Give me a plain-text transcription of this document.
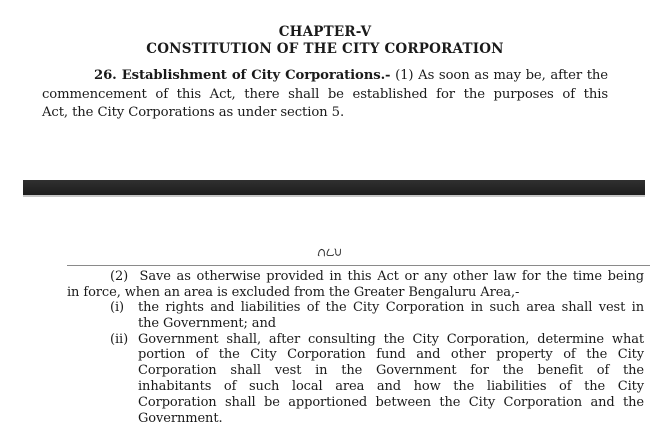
CHAPTER-V
CONSTITUTION OF THE CITY CORPORATION
26. Establishment of City Corporations.- (1) As soon as may be, after the
commencement of this Act, there shall be established for the purposes of this
Act, the City Corporations as under section 5.
(2)  Save as otherwise provided in this Act or any other law for the time being
in force, when an area is excluded from the Greater Bengaluru Area,-
(i)	the rights and liabilities of the City Corporation in such area shall vest in
the Government; and
(ii) Government shall, after consulting the City Corporation, determine what
portion of the City Corporation fund and other property of the City
Corporation shall vest in the Government for the benefit of the
inhabitants of such local area and how the liabilities of the City
Corporation shall be apportioned between the City Corporation and the
Government.
